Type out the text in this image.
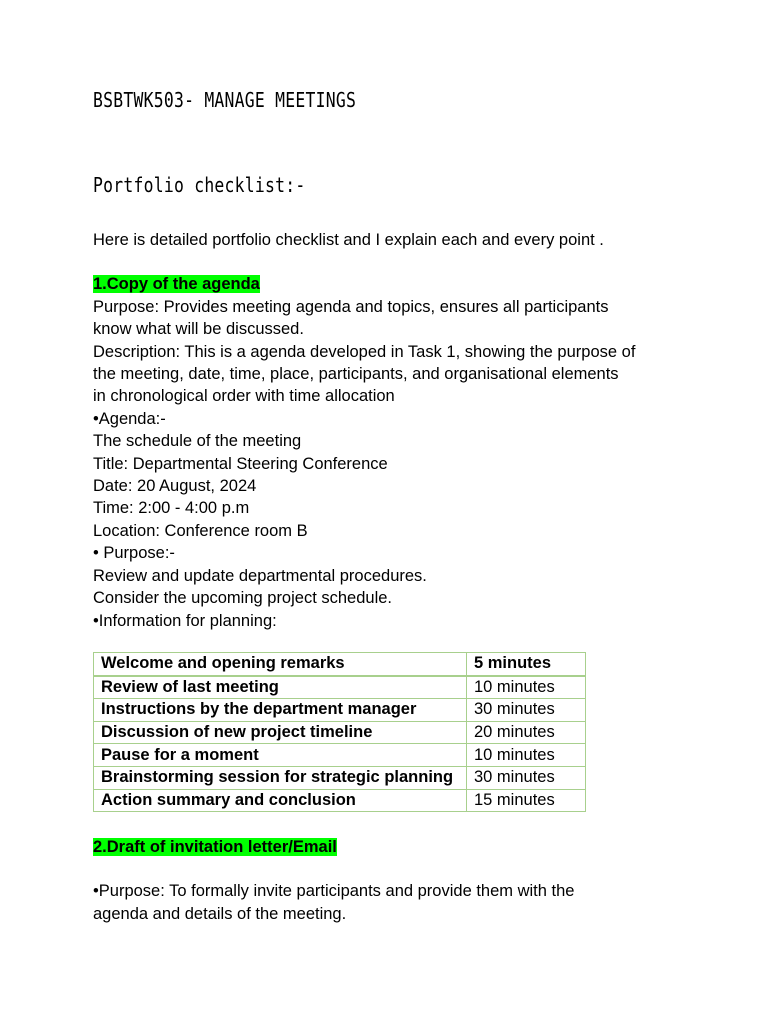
BSBTWK503- MANAGE MEETINGS
Portfolio checklist:-

Here is detailed portfolio checklist and I explain each and every point .

1.Copy of the agenda

Purpose: Provides meeting agenda and topics, ensures all participants

know what will be discussed.

Description: This is a agenda developed in Task 1, showing the purpose of

the meeting, date, time, place, participants, and organisational elements

in chronological order with time allocation

•Agenda:-

The schedule of the meeting

Title: Departmental Steering Conference

Date: 20 August, 2024

Time: 2:00 - 4:00 p.m

Location: Conference room B

• Purpose:-

Review and update departmental procedures.

Consider the upcoming project schedule.

•Information for planning:

Welcome and opening remarks	5 minutes
Review of last meeting	10 minutes
Instructions by the department manager	30 minutes
Discussion of new project timeline	20 minutes
Pause for a moment	10 minutes
Brainstorming session for strategic planning	30 minutes
Action summary and conclusion	15 minutes

2.Draft of invitation letter/Email

•Purpose: To formally invite participants and provide them with the

agenda and details of the meeting.
